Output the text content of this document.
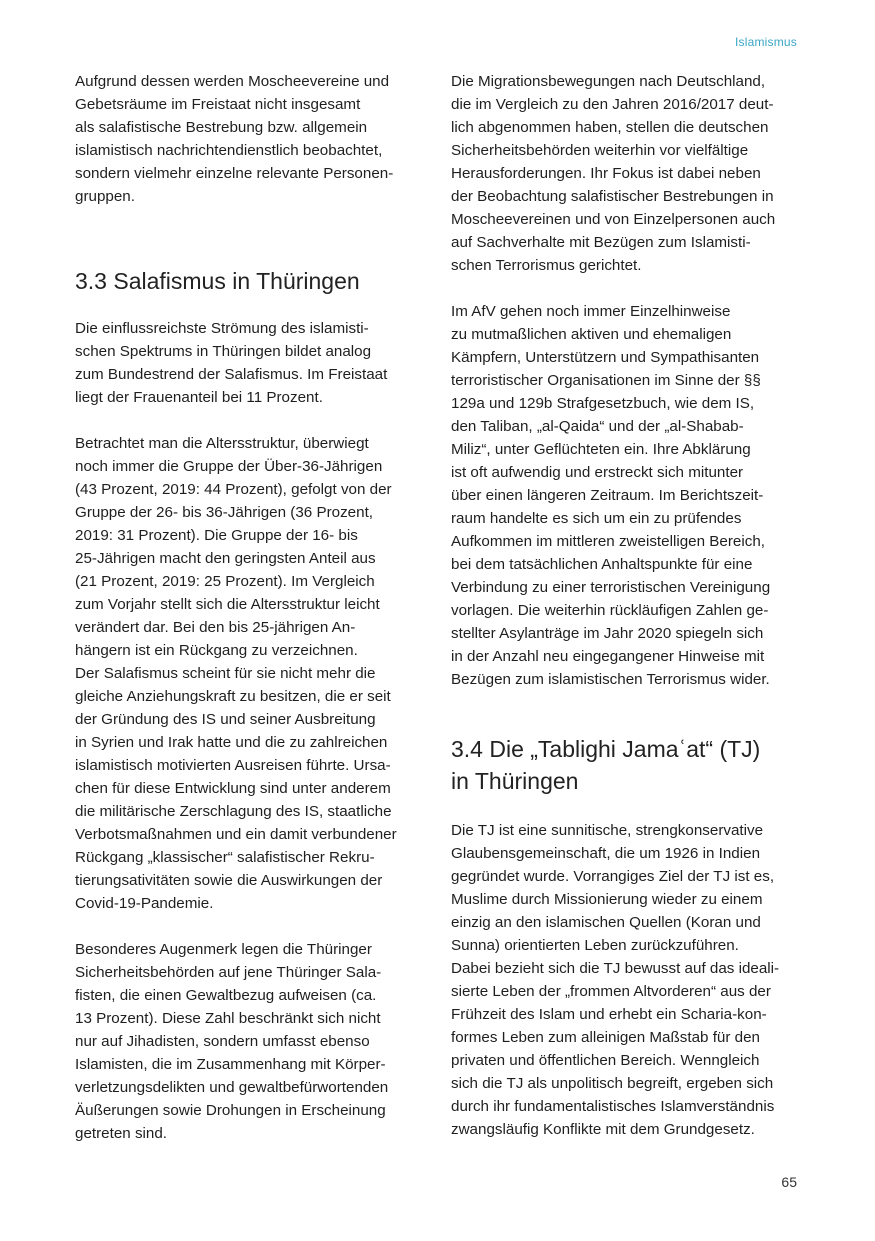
Islamismus

Aufgrund dessen werden Moscheevereine und
Gebetsräume im Freistaat nicht insgesamt
als salafistische Bestrebung bzw. allgemein
islamistisch nachrichtendienstlich beobachtet,
sondern vielmehr einzelne relevante Personen-
gruppen.

3.3 Salafismus in Thüringen

Die einflussreichste Strömung des islamisti-
schen Spektrums in Thüringen bildet analog
zum Bundestrend der Salafismus. Im Freistaat
liegt der Frauenanteil bei 11 Prozent.

Betrachtet man die Altersstruktur, überwiegt
noch immer die Gruppe der Über-36-Jährigen
(43 Prozent, 2019: 44 Prozent), gefolgt von der
Gruppe der 26- bis 36-Jährigen (36 Prozent,
2019: 31 Prozent). Die Gruppe der 16- bis
25-Jährigen macht den geringsten Anteil aus
(21 Prozent, 2019: 25 Prozent). Im Vergleich
zum Vorjahr stellt sich die Altersstruktur leicht
verändert dar. Bei den bis 25-jährigen An-
hängern ist ein Rückgang zu verzeichnen.
Der Salafismus scheint für sie nicht mehr die
gleiche Anziehungskraft zu besitzen, die er seit
der Gründung des IS und seiner Ausbreitung
in Syrien und Irak hatte und die zu zahlreichen
islamistisch motivierten Ausreisen führte. Ursa-
chen für diese Entwicklung sind unter anderem
die militärische Zerschlagung des IS, staatliche
Verbotsmaßnahmen und ein damit verbundener
Rückgang „klassischer“ salafistischer Rekru-
tierungsativitäten sowie die Auswirkungen der
Covid-19-Pandemie.

Besonderes Augenmerk legen die Thüringer
Sicherheitsbehörden auf jene Thüringer Sala-
fisten, die einen Gewaltbezug aufweisen (ca.
13 Prozent). Diese Zahl beschränkt sich nicht
nur auf Jihadisten, sondern umfasst ebenso
Islamisten, die im Zusammenhang mit Körper-
verletzungsdelikten und gewaltbefürwortenden
Äußerungen sowie Drohungen in Erscheinung
getreten sind.

Die Migrationsbewegungen nach Deutschland,
die im Vergleich zu den Jahren 2016/2017 deut-
lich abgenommen haben, stellen die deutschen
Sicherheitsbehörden weiterhin vor vielfältige
Herausforderungen. Ihr Fokus ist dabei neben
der Beobachtung salafistischer Bestrebungen in
Moscheevereinen und von Einzelpersonen auch
auf Sachverhalte mit Bezügen zum Islamisti-
schen Terrorismus gerichtet.

Im AfV gehen noch immer Einzelhinweise
zu mutmaßlichen aktiven und ehemaligen
Kämpfern, Unterstützern und Sympathisanten
terroristischer Organisationen im Sinne der §§
129a und 129b Strafgesetzbuch, wie dem IS,
den Taliban, „al-Qaida“ und der „al-Shabab-
Miliz“, unter Geflüchteten ein. Ihre Abklärung
ist oft aufwendig und erstreckt sich mitunter
über einen längeren Zeitraum. Im Berichtszeit-
raum handelte es sich um ein zu prüfendes
Aufkommen im mittleren zweistelligen Bereich,
bei dem tatsächlichen Anhaltspunkte für eine
Verbindung zu einer terroristischen Vereinigung
vorlagen. Die weiterhin rückläufigen Zahlen ge-
stellter Asylanträge im Jahr 2020 spiegeln sich
in der Anzahl neu eingegangener Hinweise mit
Bezügen zum islamistischen Terrorismus wider.

3.4 Die „Tablighi Jamaʿat“ (TJ)
in Thüringen

Die TJ ist eine sunnitische, strengkonservative
Glaubensgemeinschaft, die um 1926 in Indien
gegründet wurde. Vorrangiges Ziel der TJ ist es,
Muslime durch Missionierung wieder zu einem
einzig an den islamischen Quellen (Koran und
Sunna) orientierten Leben zurückzuführen.
Dabei bezieht sich die TJ bewusst auf das ideali-
sierte Leben der „frommen Altvorderen“ aus der
Frühzeit des Islam und erhebt ein Scharia-kon-
formes Leben zum alleinigen Maßstab für den
privaten und öffentlichen Bereich. Wenngleich
sich die TJ als unpolitisch begreift, ergeben sich
durch ihr fundamentalistisches Islamverständnis
zwangsläufig Konflikte mit dem Grundgesetz.

65
